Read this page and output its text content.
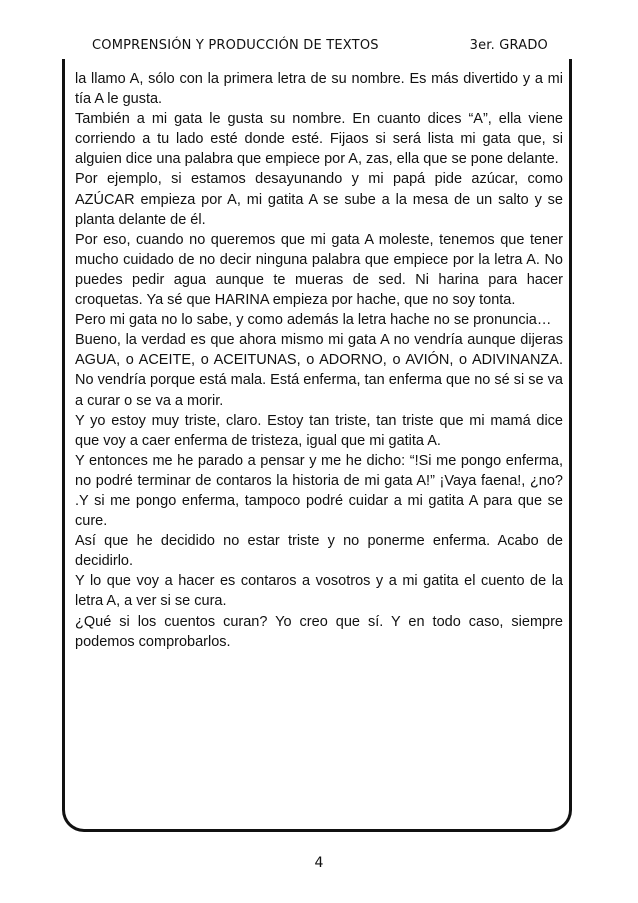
COMPRENSIÓN Y PRODUCCIÓN DE TEXTOS	3er. GRADO

la llamo A, sólo con la primera letra de su nombre. Es más divertido y a mi tía A le gusta.

También a mi gata le gusta su nombre. En cuanto dices “A”, ella viene corriendo a tu lado esté donde esté. Fijaos si será lista mi gata que, si alguien dice una palabra que empiece por A, zas, ella que se pone delante.

Por ejemplo, si estamos desayunando y mi papá pide azúcar, como AZÚCAR empieza por A, mi gatita A se sube a la mesa de un salto y se planta delante de él.

Por eso, cuando no queremos que mi gata A moleste, tenemos que tener mucho cuidado de no decir ninguna palabra que empiece por la letra A. No puedes pedir agua aunque te mueras de sed. Ni harina para hacer croquetas. Ya sé que HARINA empieza por hache, que no soy tonta.

Pero mi gata no lo sabe, y como además la letra hache no se pronuncia…

Bueno, la verdad es que ahora mismo mi gata A no vendría aunque dijeras AGUA, o ACEITE, o ACEITUNAS, o ADORNO, o AVIÓN, o ADIVINANZA. No vendría porque está mala. Está enferma, tan enferma que no sé si se va a curar o se va a morir.

Y yo estoy muy triste, claro. Estoy tan triste, tan triste que mi mamá dice que voy a caer enferma de tristeza, igual que mi gatita A.

Y entonces me he parado a pensar y me he dicho: “!Si me pongo enferma, no podré terminar de contaros la historia de mi gata A!” ¡Vaya faena!, ¿no? .Y si me pongo enferma, tampoco podré cuidar a mi gatita A para que se cure.

Así que he decidido no estar triste y no ponerme enferma. Acabo de decidirlo.

Y lo que voy a hacer es contaros a vosotros y a mi gatita el cuento de la letra A, a ver si se cura.

¿Qué si los cuentos curan? Yo creo que sí. Y en todo caso, siempre podemos comprobarlos.

4
